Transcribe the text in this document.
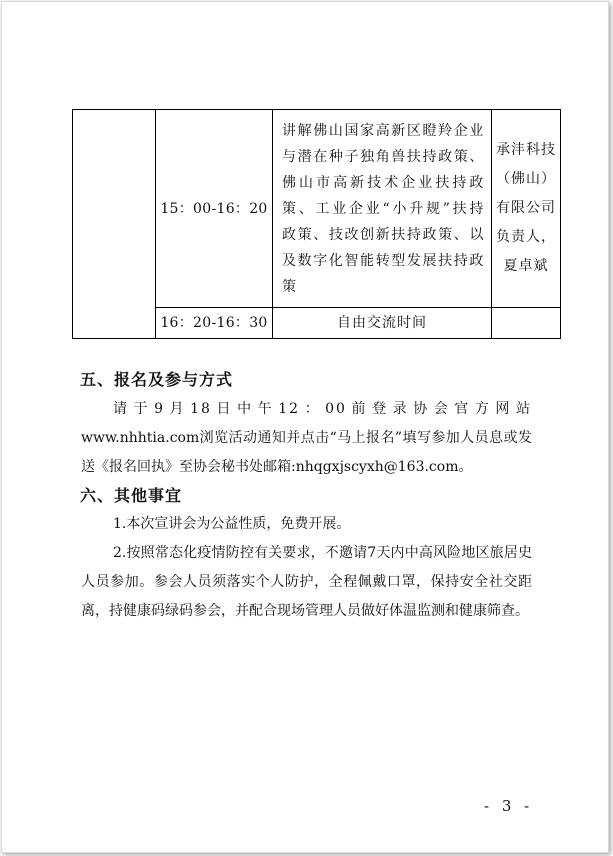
	15：00-16：20	讲解佛山国家高新区瞪羚企业与潜在种子独角兽扶持政策、佛山市高新技术企业扶持政策、工业企业“小升规”扶持政策、技改创新扶持政策、以及数字化智能转型发展扶持政策	承沣科技（佛山）有限公司负责人，夏卓斌
	16：20-16：30	自由交流时间	
五、报名及参与方式
请于9月18日中午12：00前登录协会官方网站
www.nhhtia.com浏览活动通知并点击“马上报名”填写参加人员息或发送《报名回执》至协会秘书处邮箱:nhqgxjscyxh@163.com。
六、其他事宜
1.本次宣讲会为公益性质，免费开展。
2.按照常态化疫情防控有关要求，不邀请7天内中高风险地区旅居史人员参加。参会人员须落实个人防护，全程佩戴口罩，保持安全社交距离，持健康码绿码参会，并配合现场管理人员做好体温监测和健康筛查。
- 3 -
